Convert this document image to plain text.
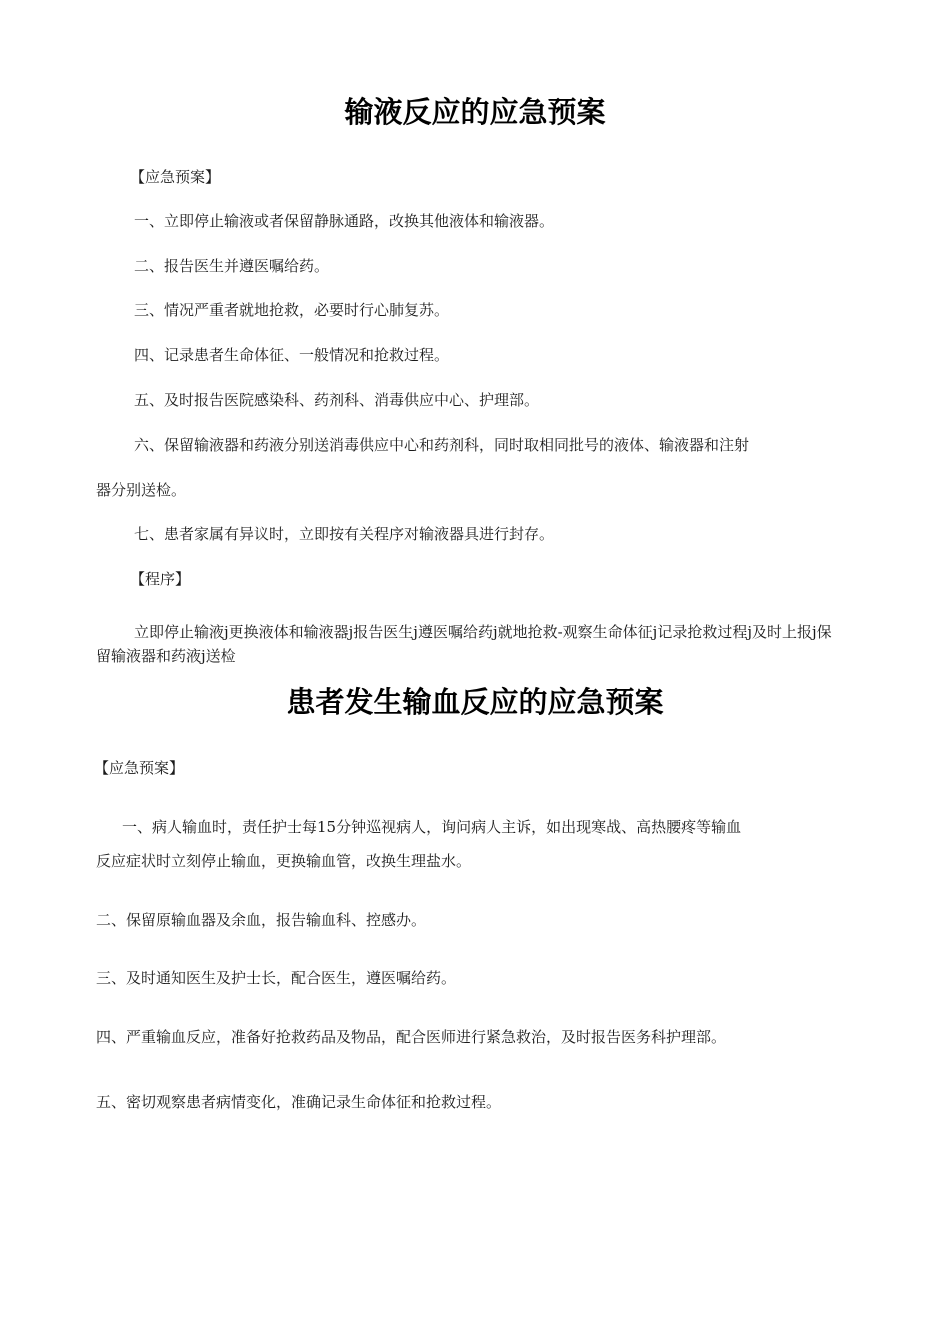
输液反应的应急预案

【应急预案】

一、立即停止输液或者保留静脉通路，改换其他液体和输液器。

二、报告医生并遵医嘱给药。

三、情况严重者就地抢救，必要时行心肺复苏。

四、记录患者生命体征、一般情况和抢救过程。

五、及时报告医院感染科、药剂科、消毒供应中心、护理部。

六、保留输液器和药液分别送消毒供应中心和药剂科，同时取相同批号的液体、输液器和注射

器分别送检。

七、患者家属有异议时，立即按有关程序对输液器具进行封存。

【程序】

立即停止输液j更换液体和输液器j报告医生j遵医嘱给药j就地抢救-观察生命体征j记录抢救过程j及时上报j保留输液器和药液j送检

患者发生输血反应的应急预案

【应急预案】

一、病人输血时，责任护士每15分钟巡视病人，询问病人主诉，如出现寒战、高热腰疼等输血

反应症状时立刻停止输血，更换输血管，改换生理盐水。

二、保留原输血器及余血，报告输血科、控感办。

三、及时通知医生及护士长，配合医生，遵医嘱给药。

四、严重输血反应，准备好抢救药品及物品，配合医师进行紧急救治，及时报告医务科护理部。

五、密切观察患者病情变化，准确记录生命体征和抢救过程。
